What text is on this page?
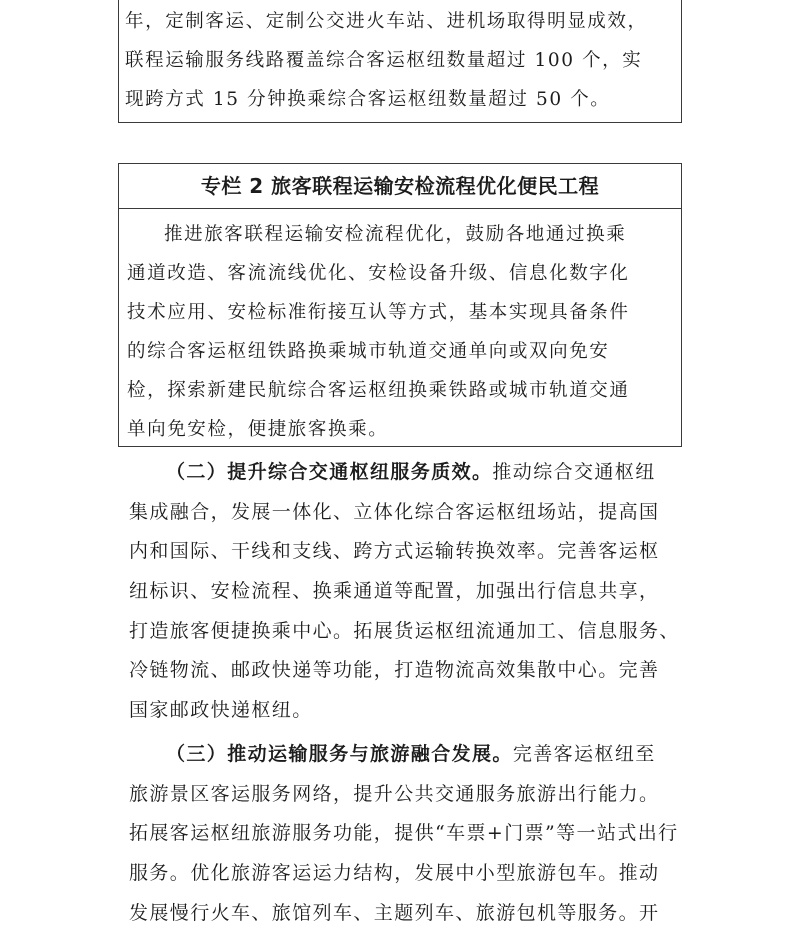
年，定制客运、定制公交进火车站、进机场取得明显成效，
联程运输服务线路覆盖综合客运枢纽数量超过 100 个，实
现跨方式 15 分钟换乘综合客运枢纽数量超过 50 个。
专栏 2 旅客联程运输安检流程优化便民工程
推进旅客联程运输安检流程优化，鼓励各地通过换乘
通道改造、客流流线优化、安检设备升级、信息化数字化
技术应用、安检标准衔接互认等方式，基本实现具备条件
的综合客运枢纽铁路换乘城市轨道交通单向或双向免安
检，探索新建民航综合客运枢纽换乘铁路或城市轨道交通
单向免安检，便捷旅客换乘。
（二）提升综合交通枢纽服务质效。推动综合交通枢纽
集成融合，发展一体化、立体化综合客运枢纽场站，提高国
内和国际、干线和支线、跨方式运输转换效率。完善客运枢
纽标识、安检流程、换乘通道等配置，加强出行信息共享，
打造旅客便捷换乘中心。拓展货运枢纽流通加工、信息服务、
冷链物流、邮政快递等功能，打造物流高效集散中心。完善
国家邮政快递枢纽。
（三）推动运输服务与旅游融合发展。完善客运枢纽至
旅游景区客运服务网络，提升公共交通服务旅游出行能力。
拓展客运枢纽旅游服务功能，提供“车票+门票”等一站式出行
服务。优化旅游客运运力结构，发展中小型旅游包车。推动
发展慢行火车、旅馆列车、主题列车、旅游包机等服务。开
